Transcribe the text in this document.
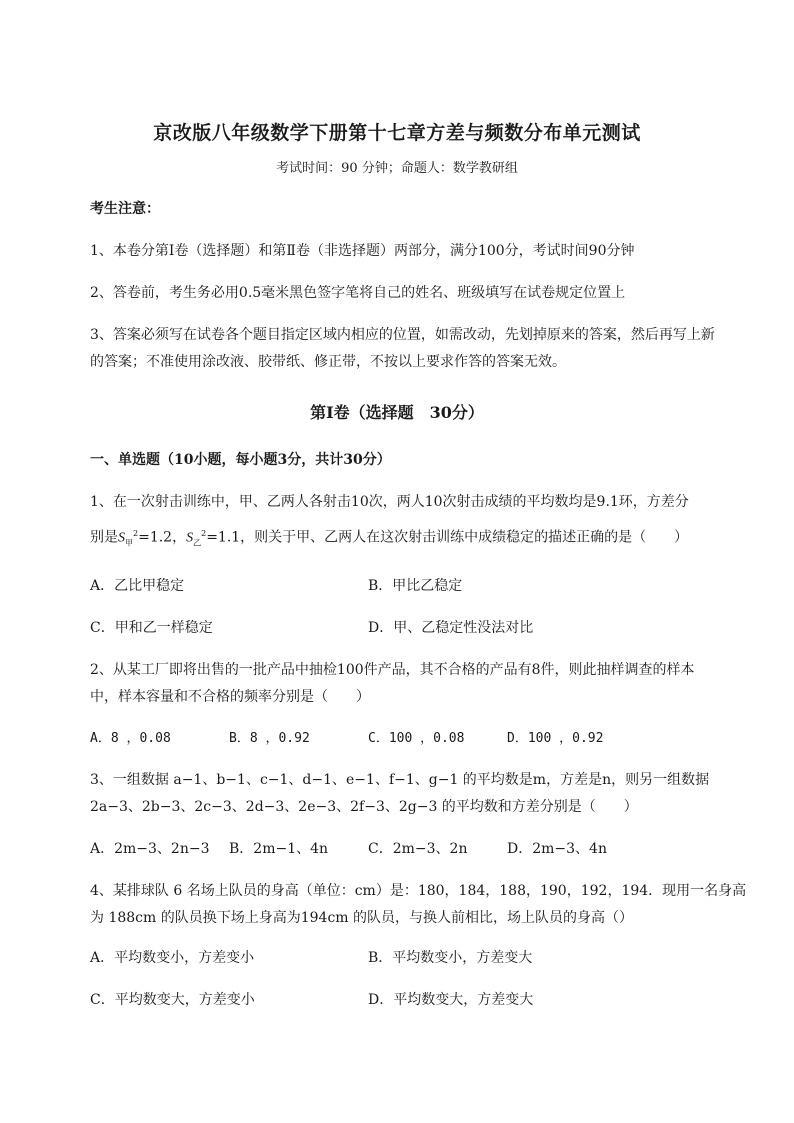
京改版八年级数学下册第十七章方差与频数分布单元测试
考试时间：90 分钟；命题人：数学教研组
考生注意：
1、本卷分第Ⅰ卷（选择题）和第Ⅱ卷（非选择题）两部分，满分100分，考试时间90分钟
2、答卷前，考生务必用0.5毫米黑色签字笔将自己的姓名、班级填写在试卷规定位置上
3、答案必须写在试卷各个题目指定区域内相应的位置，如需改动，先划掉原来的答案，然后再写上新
的答案；不准使用涂改液、胶带纸、修正带，不按以上要求作答的答案无效。
第Ⅰ卷（选择题　30分）
一、单选题（10小题，每小题3分，共计30分）
1、在一次射击训练中，甲、乙两人各射击10次，两人10次射击成绩的平均数均是9.1环，方差分
别是$S_甲^2=1.2$，$S_乙^2=1.1$，则关于甲、乙两人在这次射击训练中成绩稳定的描述正确的是（　　）
A．乙比甲稳定	B．甲比乙稳定
C．甲和乙一样稳定	D．甲、乙稳定性没法对比
2、从某工厂即将出售的一批产品中抽检100件产品，其不合格的产品有8件，则此抽样调查的样本
中，样本容量和不合格的频率分别是（　　）
A．8 ，0.08	B．8 ，0.92	C．100 ，0.08	D．100 ，0.92
3、一组数据 a−1、b−1、c−1、d−1、e−1、f−1、g−1 的平均数是m，方差是n，则另一组数据
2a−3、2b−3、2c−3、2d−3、2e−3、2f−3、2g−3 的平均数和方差分别是（　　）
A．2m−3、2n−3 B．2m−1、4n	C．2m−3、2n	D．2m−3、4n
4、某排球队 6 名场上队员的身高（单位：cm）是：180，184，188，190，192，194．现用一名身高
为 188cm 的队员换下场上身高为194cm 的队员，与换人前相比，场上队员的身高（）
A．平均数变小，方差变小	B．平均数变小，方差变大
C．平均数变大，方差变小	D．平均数变大，方差变大
